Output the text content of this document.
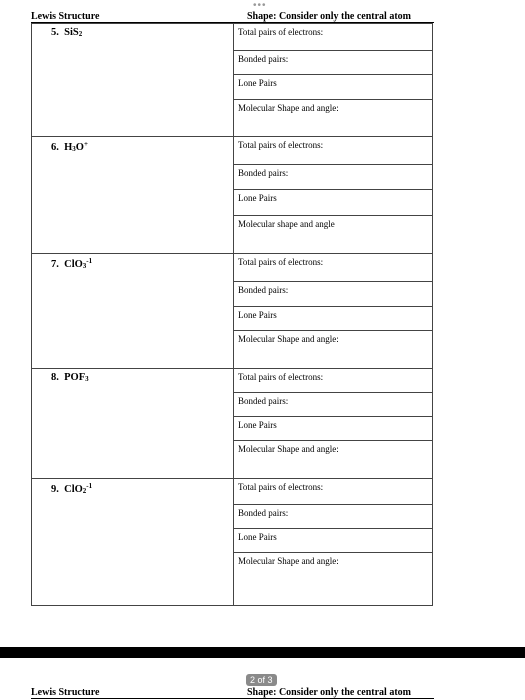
•••
Lewis Structure	Shape: Consider only the central atom
5. SiS$_2$	Total pairs of electrons:

	Bonded pairs:

	Lone Pairs

	Molecular Shape and angle:

6. $H_3O^+$	Total pairs of electrons:

	Bonded pairs:

	Lone Pairs

	Molecular shape and angle

7. ClO$_3^{-1}$	Total pairs of electrons:

	Bonded pairs:

	Lone Pairs

	Molecular Shape and angle:

8. $POF_3$	Total pairs of electrons:

	Bonded pairs:

	Lone Pairs

	Molecular Shape and angle:

9. ClO$_2^{-1}$	Total pairs of electrons:

	Bonded pairs:

	Lone Pairs

	Molecular Shape and angle:
2 of 3
Lewis Structure	Shape: Consider only the central atom
